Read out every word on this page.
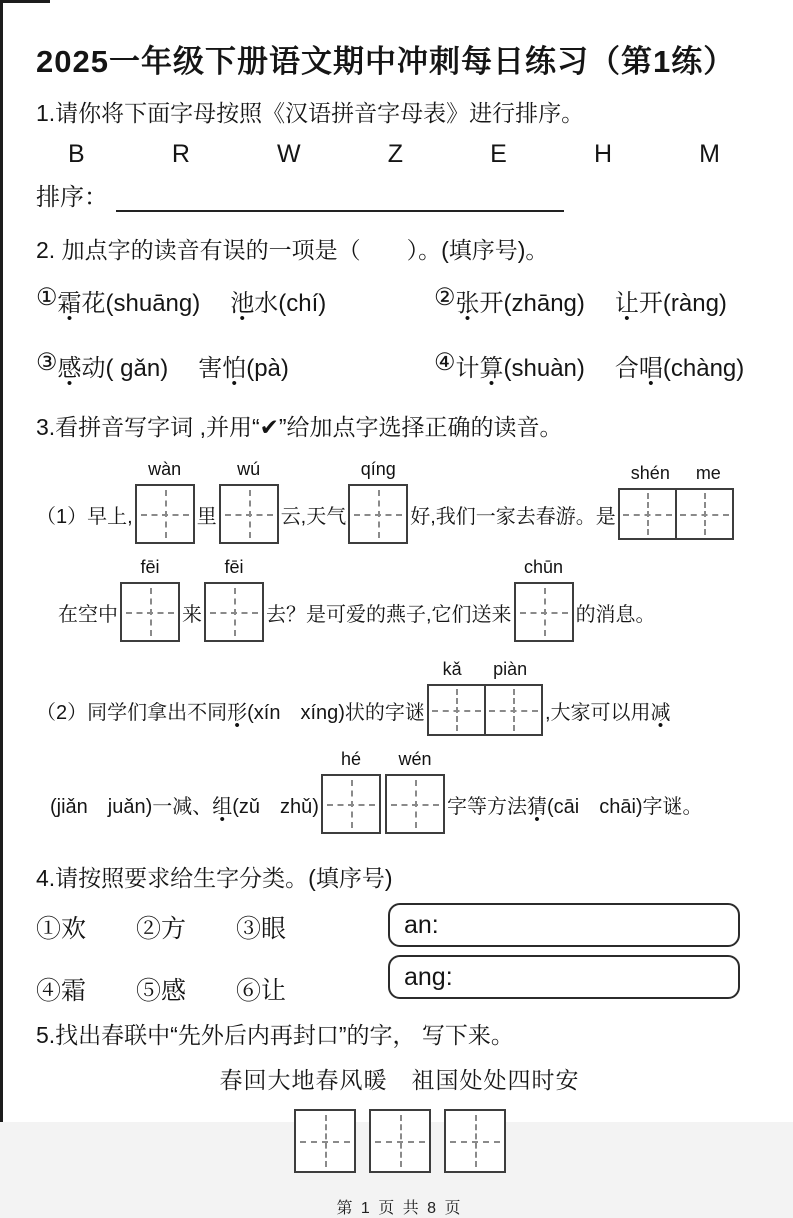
2025一年级下册语文期中冲刺每日练习（第1练）

1.请你将下面字母按照《汉语拼音字母表》进行排序。

B	R	W	Z	E	H	M
排序：

2. 加点字的读音有误的一项是（　　）。(填序号)。

① 霜花(shuāng) 池水(chí)	② 张开(zhāng) 让开(ràng)
③ 感动( gǎn) 害怕(pà)	④ 计算(shuàn) 合唱(chàng)

3.看拼音写字词 ,并用“✔”给加点字选择正确的读音。

（1）早上,
wàn
里
wú
云,天气
qíng
好,我们一家去春游。是
shén me
在空中
fēi
来
fēi
去？是可爱的燕子,它们送来
chūn
的消息。
（2）同学们拿出不同 形 • (xín　xíng)状的字谜
kǎ piàn
,大家可以用 减 •
(jiǎn　juǎn)一减、 组 • (zǔ　zhǔ)
hé	wén
字等方法 猜 • (cāi　chāi)字谜。

4.请按照要求给生字分类。(填序号)

①欢	②方	③眼
④霜	⑤感	⑥让
an:
ang:

5.找出春联中“先外后内再封口”的字， 写下来。

春回大地春风暖　祖国处处四时安
第 1 页 共 8 页
